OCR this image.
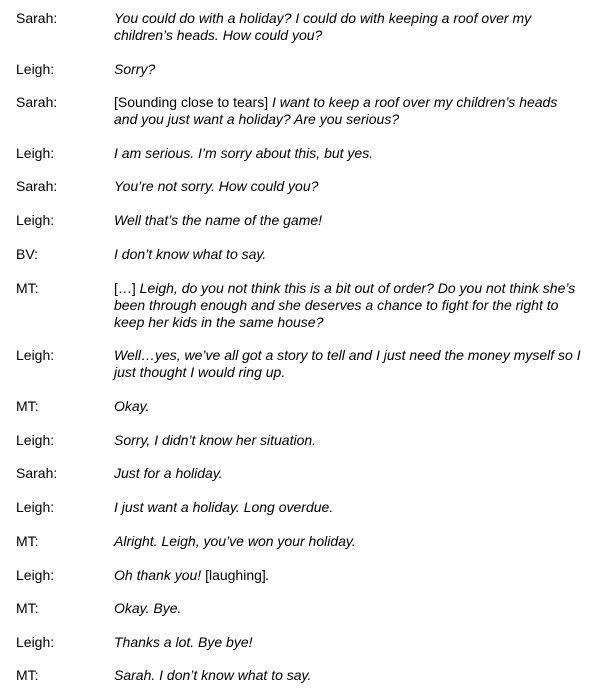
Sarah:	You could do with a holiday? I could do with keeping a roof over my children’s heads. How could you?
Leigh:	Sorry?
Sarah:	[Sounding close to tears] I want to keep a roof over my children’s heads and you just want a holiday? Are you serious?
Leigh:	I am serious. I’m sorry about this, but yes.
Sarah:	You’re not sorry. How could you?
Leigh:	Well that’s the name of the game!
BV:	I don’t know what to say.
MT:	[…] Leigh, do you not think this is a bit out of order? Do you not think she’s been through enough and she deserves a chance to fight for the right to keep her kids in the same house?
Leigh:	Well…yes, we’ve all got a story to tell and I just need the money myself so I just thought I would ring up.
MT:	Okay.
Leigh:	Sorry, I didn’t know her situation.
Sarah:	Just for a holiday.
Leigh:	I just want a holiday. Long overdue.
MT:	Alright. Leigh, you’ve won your holiday.
Leigh:	Oh thank you! [laughing].
MT:	Okay. Bye.
Leigh:	Thanks a lot. Bye bye!
MT:	Sarah. I don’t know what to say.
